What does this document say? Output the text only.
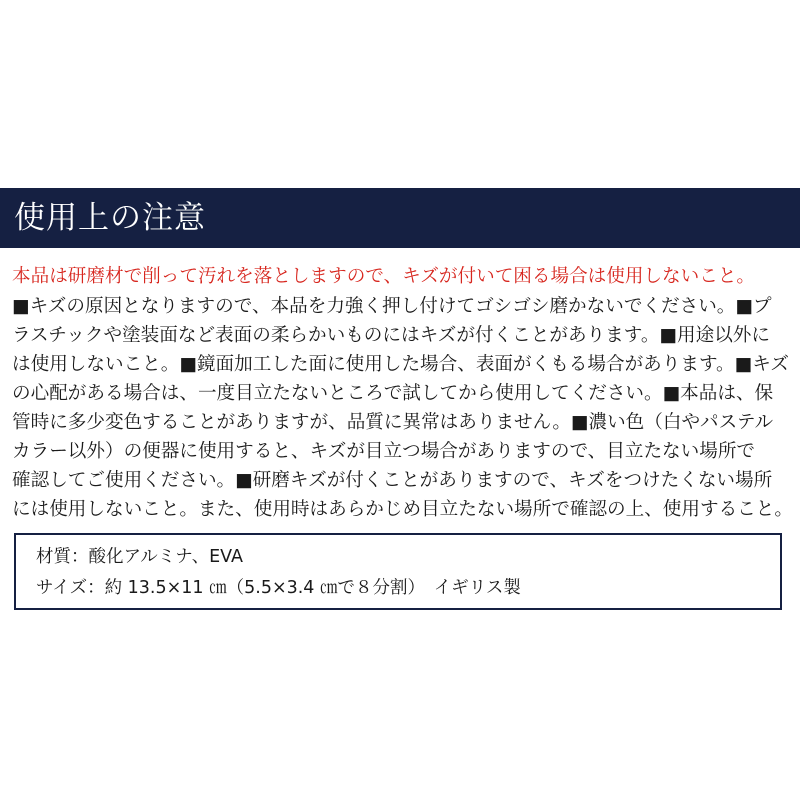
使用上の注意
本品は研磨材で削って汚れを落としますので、キズが付いて困る場合は使用しないこと。
■キズの原因となりますので、本品を力強く押し付けてゴシゴシ磨かないでください。■プ
ラスチックや塗装面など表面の柔らかいものにはキズが付くことがあります。■用途以外に
は使用しないこと。■鏡面加工した面に使用した場合、表面がくもる場合があります。■キズ
の心配がある場合は、一度目立たないところで試してから使用してください。■本品は、保
管時に多少変色することがありますが、品質に異常はありません。■濃い色（白やパステル
カラー以外）の便器に使用すると、キズが目立つ場合がありますので、目立たない場所で
確認してご使用ください。■研磨キズが付くことがありますので、キズをつけたくない場所
には使用しないこと。また、使用時はあらかじめ目立たない場所で確認の上、使用すること。
材質：酸化アルミナ、EVA
サイズ：約 13.5×11 ㎝（5.5×3.4 ㎝で８分割）　イギリス製
